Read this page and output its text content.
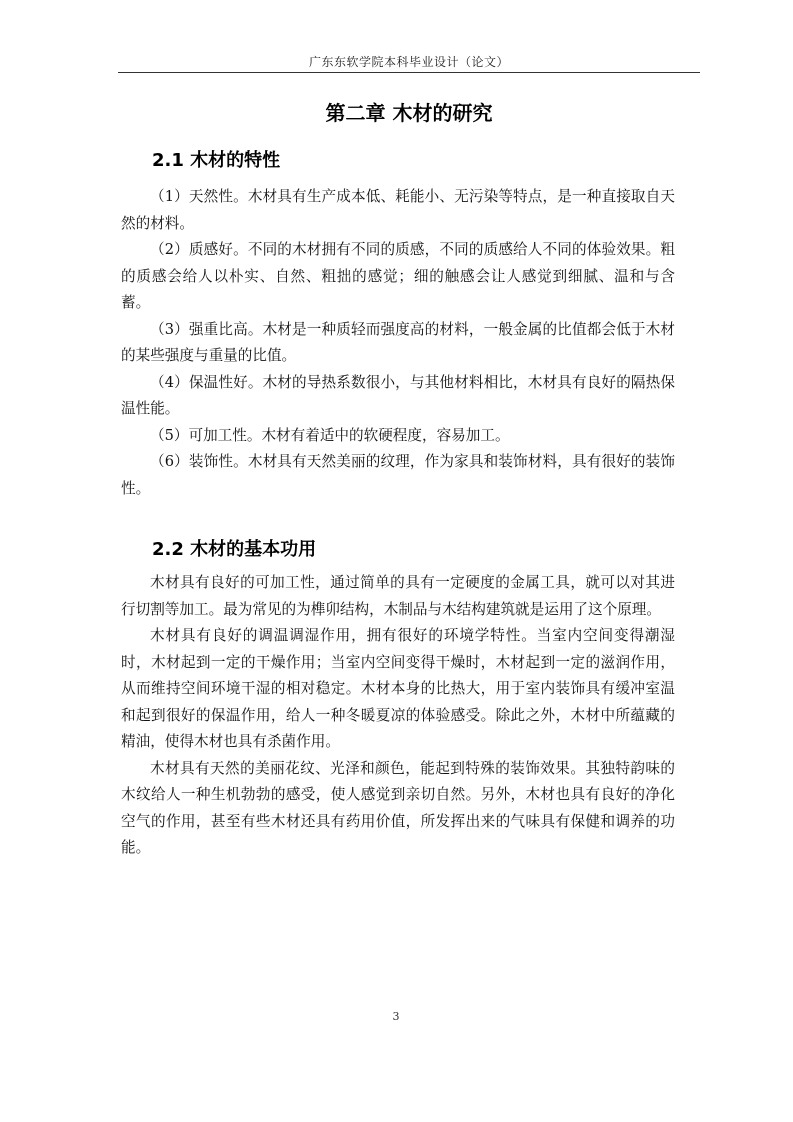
广东东软学院本科毕业设计（论文）
第二章 木材的研究
2.1 木材的特性

（1）天然性。木材具有生产成本低、耗能小、无污染等特点，是一种直接取自天然的材料。

（2）质感好。不同的木材拥有不同的质感，不同的质感给人不同的体验效果。粗的质感会给人以朴实、自然、粗拙的感觉；细的触感会让人感觉到细腻、温和与含蓄。

（3）强重比高。木材是一种质轻而强度高的材料，一般金属的比值都会低于木材的某些强度与重量的比值。

（4）保温性好。木材的导热系数很小，与其他材料相比，木材具有良好的隔热保温性能。

（5）可加工性。木材有着适中的软硬程度，容易加工。

（6）装饰性。木材具有天然美丽的纹理，作为家具和装饰材料，具有很好的装饰性。

2.2 木材的基本功用

木材具有良好的可加工性，通过简单的具有一定硬度的金属工具，就可以对其进行切割等加工。最为常见的为榫卯结构，木制品与木结构建筑就是运用了这个原理。

木材具有良好的调温调湿作用，拥有很好的环境学特性。当室内空间变得潮湿时，木材起到一定的干燥作用；当室内空间变得干燥时，木材起到一定的滋润作用，从而维持空间环境干湿的相对稳定。木材本身的比热大，用于室内装饰具有缓冲室温和起到很好的保温作用，给人一种冬暖夏凉的体验感受。除此之外，木材中所蕴藏的精油，使得木材也具有杀菌作用。

木材具有天然的美丽花纹、光泽和颜色，能起到特殊的装饰效果。其独特韵味的木纹给人一种生机勃勃的感受，使人感觉到亲切自然。另外，木材也具有良好的净化空气的作用，甚至有些木材还具有药用价值，所发挥出来的气味具有保健和调养的功能。

3
